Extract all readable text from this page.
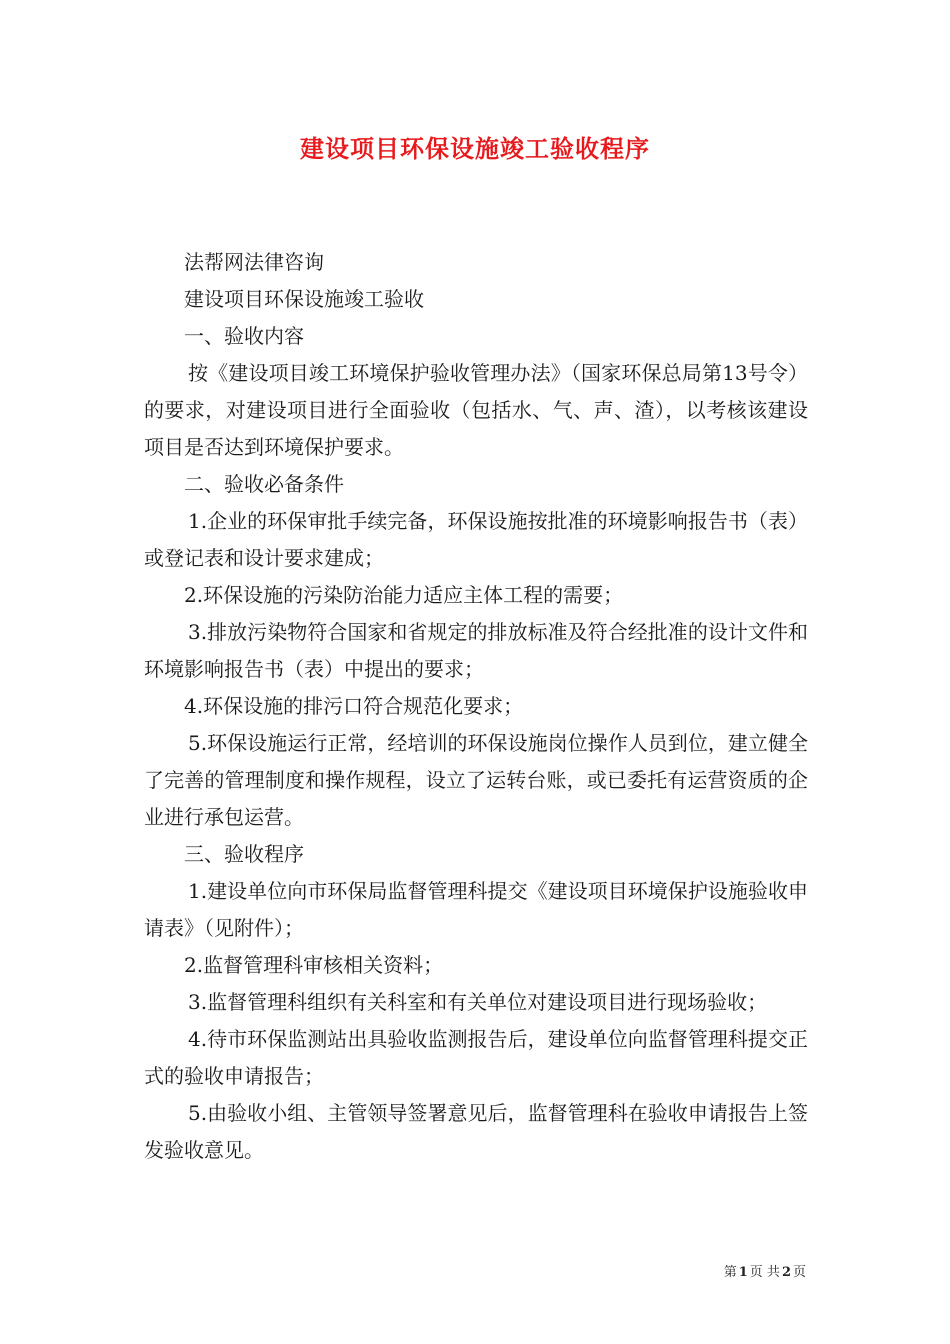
建设项目环保设施竣工验收程序

法帮网法律咨询

建设项目环保设施竣工验收

一、验收内容

按《建设项目竣工环境保护验收管理办法》（国家环保总局第13号令）的要求，对建设项目进行全面验收（包括水、气、声、渣），以考核该建设项目是否达到环境保护要求。

二、验收必备条件

1.企业的环保审批手续完备，环保设施按批准的环境影响报告书（表）或登记表和设计要求建成；

2.环保设施的污染防治能力适应主体工程的需要；

3.排放污染物符合国家和省规定的排放标准及符合经批准的设计文件和环境影响报告书（表）中提出的要求；

4.环保设施的排污口符合规范化要求；

5.环保设施运行正常，经培训的环保设施岗位操作人员到位，建立健全了完善的管理制度和操作规程，设立了运转台账，或已委托有运营资质的企业进行承包运营。

三、验收程序

1.建设单位向市环保局监督管理科提交《建设项目环境保护设施验收申请表》（见附件）；

2.监督管理科审核相关资料；

3.监督管理科组织有关科室和有关单位对建设项目进行现场验收；

4.待市环保监测站出具验收监测报告后，建设单位向监督管理科提交正式的验收申请报告；

5.由验收小组、主管领导签署意见后，监督管理科在验收申请报告上签发验收意见。

第 1 页 共 2 页
